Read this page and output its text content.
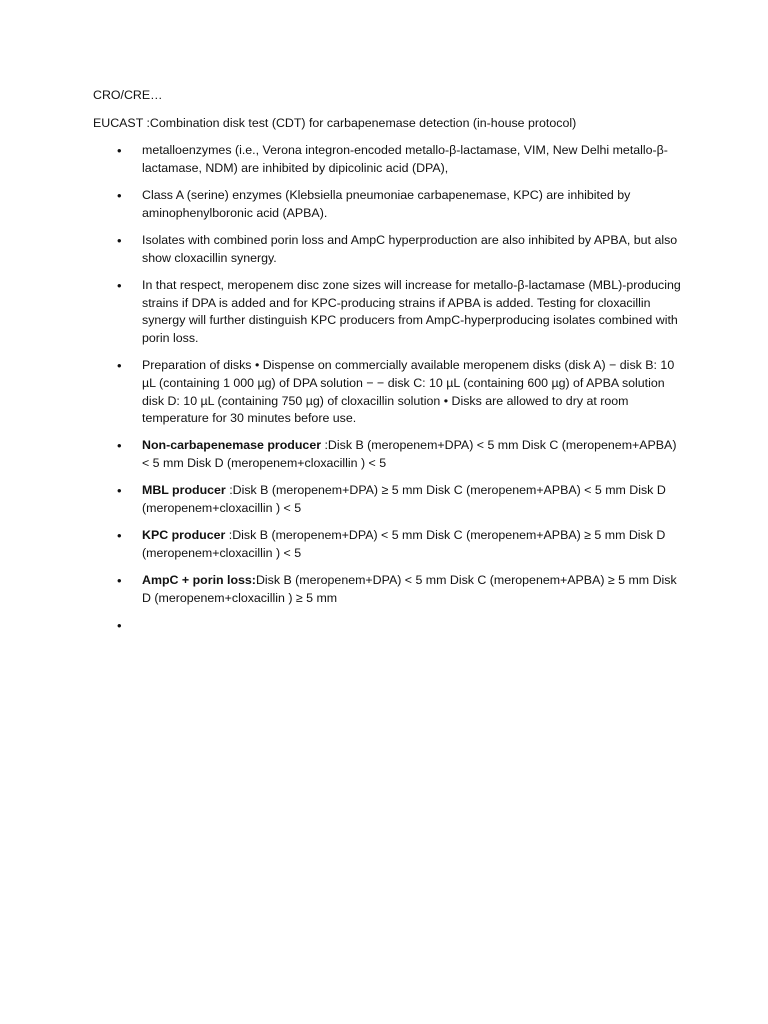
CRO/CRE…

EUCAST :Combination disk test (CDT) for carbapenemase detection (in-house protocol)

• metalloenzymes (i.e., Verona integron-encoded metallo-β-lactamase, VIM, New Delhi metallo-β-lactamase, NDM) are inhibited by dipicolinic acid (DPA),
• Class A (serine) enzymes (Klebsiella pneumoniae carbapenemase, KPC) are inhibited by aminophenylboronic acid (APBA).
• Isolates with combined porin loss and AmpC hyperproduction are also inhibited by APBA, but also show cloxacillin synergy.
• In that respect, meropenem disc zone sizes will increase for metallo-β-lactamase (MBL)-producing strains if DPA is added and for KPC-producing strains if APBA is added. Testing for cloxacillin synergy will further distinguish KPC producers from AmpC-hyperproducing isolates combined with porin loss.
• Preparation of disks • Dispense on commercially available meropenem disks (disk A) − disk B: 10 µL (containing 1 000 µg) of DPA solution − − disk C: 10 µL (containing 600 µg) of APBA solution disk D: 10 µL (containing 750 µg) of cloxacillin solution • Disks are allowed to dry at room temperature for 30 minutes before use.
• Non-carbapenemase producer :Disk B (meropenem+DPA) < 5 mm Disk C (meropenem+APBA) < 5 mm Disk D (meropenem+cloxacillin ) < 5
• MBL producer :Disk B (meropenem+DPA) ≥ 5 mm Disk C (meropenem+APBA) < 5 mm Disk D (meropenem+cloxacillin ) < 5
• KPC producer :Disk B (meropenem+DPA) < 5 mm Disk C (meropenem+APBA) ≥ 5 mm Disk D (meropenem+cloxacillin ) < 5
• AmpC + porin loss:Disk B (meropenem+DPA) < 5 mm Disk C (meropenem+APBA) ≥ 5 mm Disk D (meropenem+cloxacillin ) ≥ 5 mm
•
